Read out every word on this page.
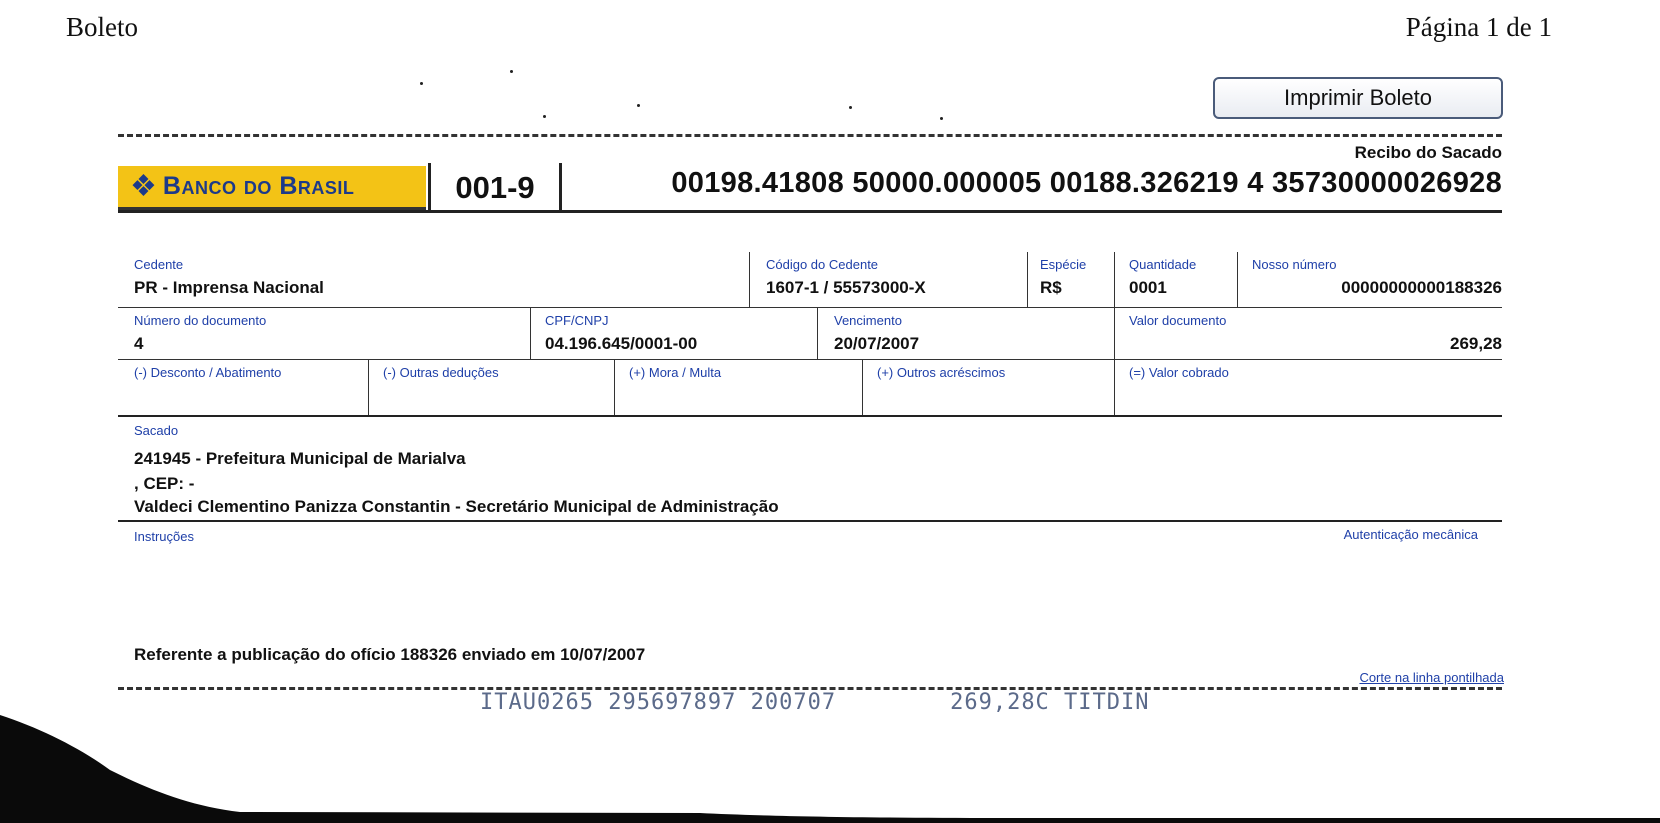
Boleto	Página 1 de 1
Imprimir Boleto
Recibo do Sacado
❖ Banco do Brasil	001-9	00198.41808 50000.000005 00188.326219 4 35730000026928
Cedente
PR - Imprensa Nacional
Código do Cedente
1607-1 / 55573000-X
Espécie
R$
Quantidade
0001
Nosso número
00000000000188326
Número do documento
4
CPF/CNPJ
04.196.645/0001-00
Vencimento
20/07/2007
Valor documento
269,28
(-) Desconto / Abatimento	(-) Outras deduções	(+) Mora / Multa	(+) Outros acréscimos	(=) Valor cobrado
Sacado
241945 - Prefeitura Municipal de Marialva
, CEP: -
Valdeci Clementino Panizza Constantin - Secretário Municipal de Administração
Instruções	Autenticação mecânica
Referente a publicação do ofício 188326 enviado em 10/07/2007
Corte na linha pontilhada
ITAU0265 295697897 200707        269,28C TITDIN
